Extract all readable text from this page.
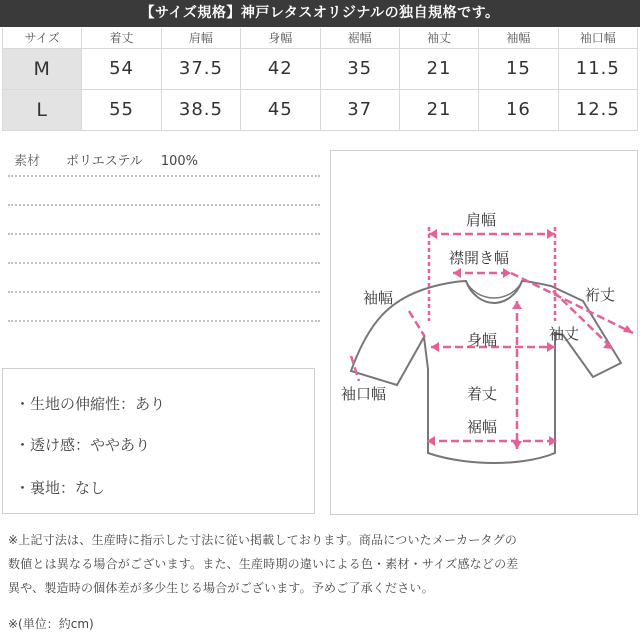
【サイズ規格】神戸レタスオリジナルの独自規格です。
サイズ	着丈	肩幅	身幅	裾幅	袖丈	袖幅	袖口幅
M	54	37.5	42	35	21	15	11.5
L	55	38.5	45	37	21	16	12.5
素材 ポリエステル 100%
・生地の伸縮性：あり
・透け感：ややあり
・裏地：なし
肩幅
襟開き幅
袖幅	裄丈
袖丈
身幅
袖口幅	着丈
裾幅
※上記寸法は、生産時に指示した寸法に従い掲載しております。商品についたメーカータグの
数値とは異なる場合がございます。また、生産時期の違いによる色・素材・サイズ感などの差
異や、製造時の個体差が多少生じる場合がございます。予めご了承ください。
※(単位：約cm)
